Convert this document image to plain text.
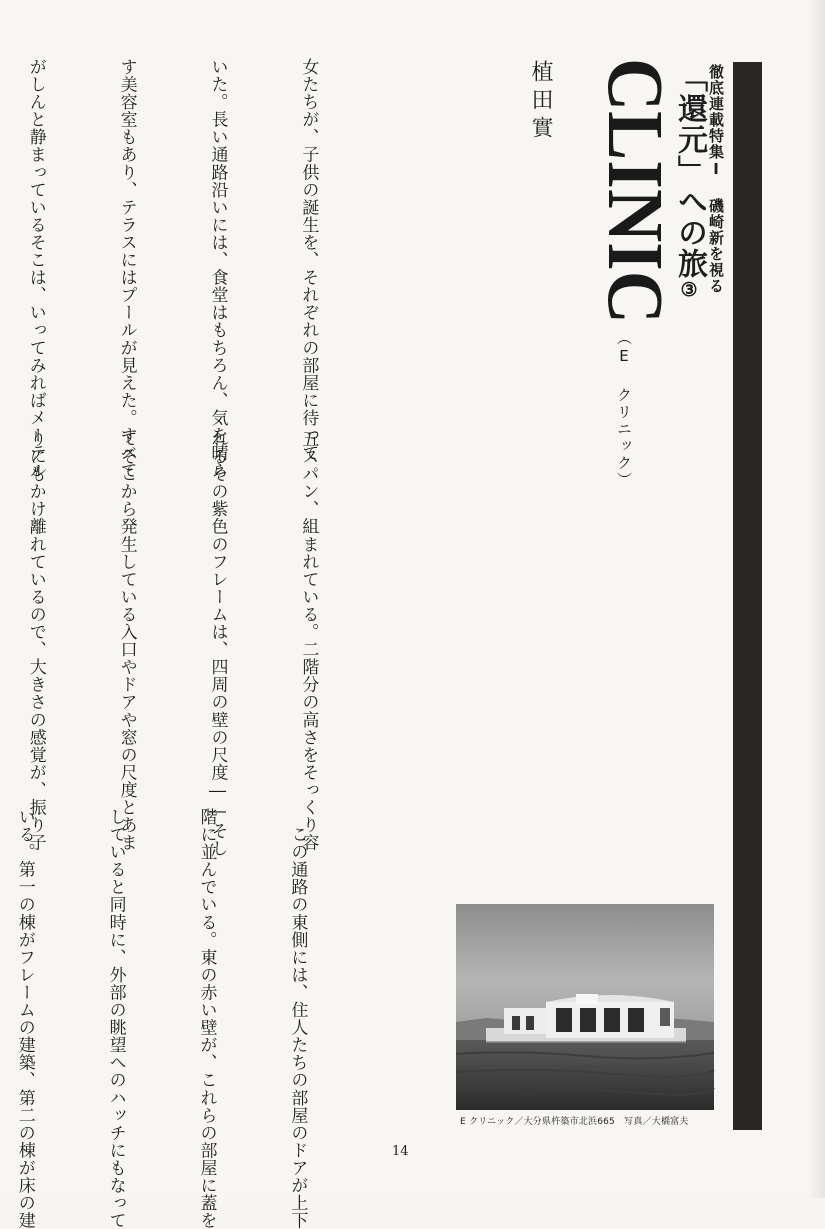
徹底連載特集Ⅰ 磯崎新を視る

「還元」への旅③

CLINIC

（E クリニック）

植田實

女たちが、子供の誕生を、それぞれの部屋に待って

いた。長い通路沿いには、食堂はもちろん、気を晴ら

す美容室もあり、テラスにはプールが見えた。すべて

がしんと静まっているそこは、いってみればメーテル

五スパン、組まれている。二階分の高さをそっくり容

れるその紫色のフレームは、四周の壁の尺度――そし

てそこから発生している入口やドアや窓の尺度とあま

りにもかけ離れているので、大きさの感覚が、振り子

　この通路の東側には、住人たちの部屋のドアが上下

階に並んでいる。東の赤い壁が、これらの部屋に蓋を

していると同時に、外部の眺望へのハッチにもなって

いる。第一の棟がフレームの建築、第二の棟が床の建

	E クリニック／大分県杵築市北浜665　写真／大橋富夫
14
